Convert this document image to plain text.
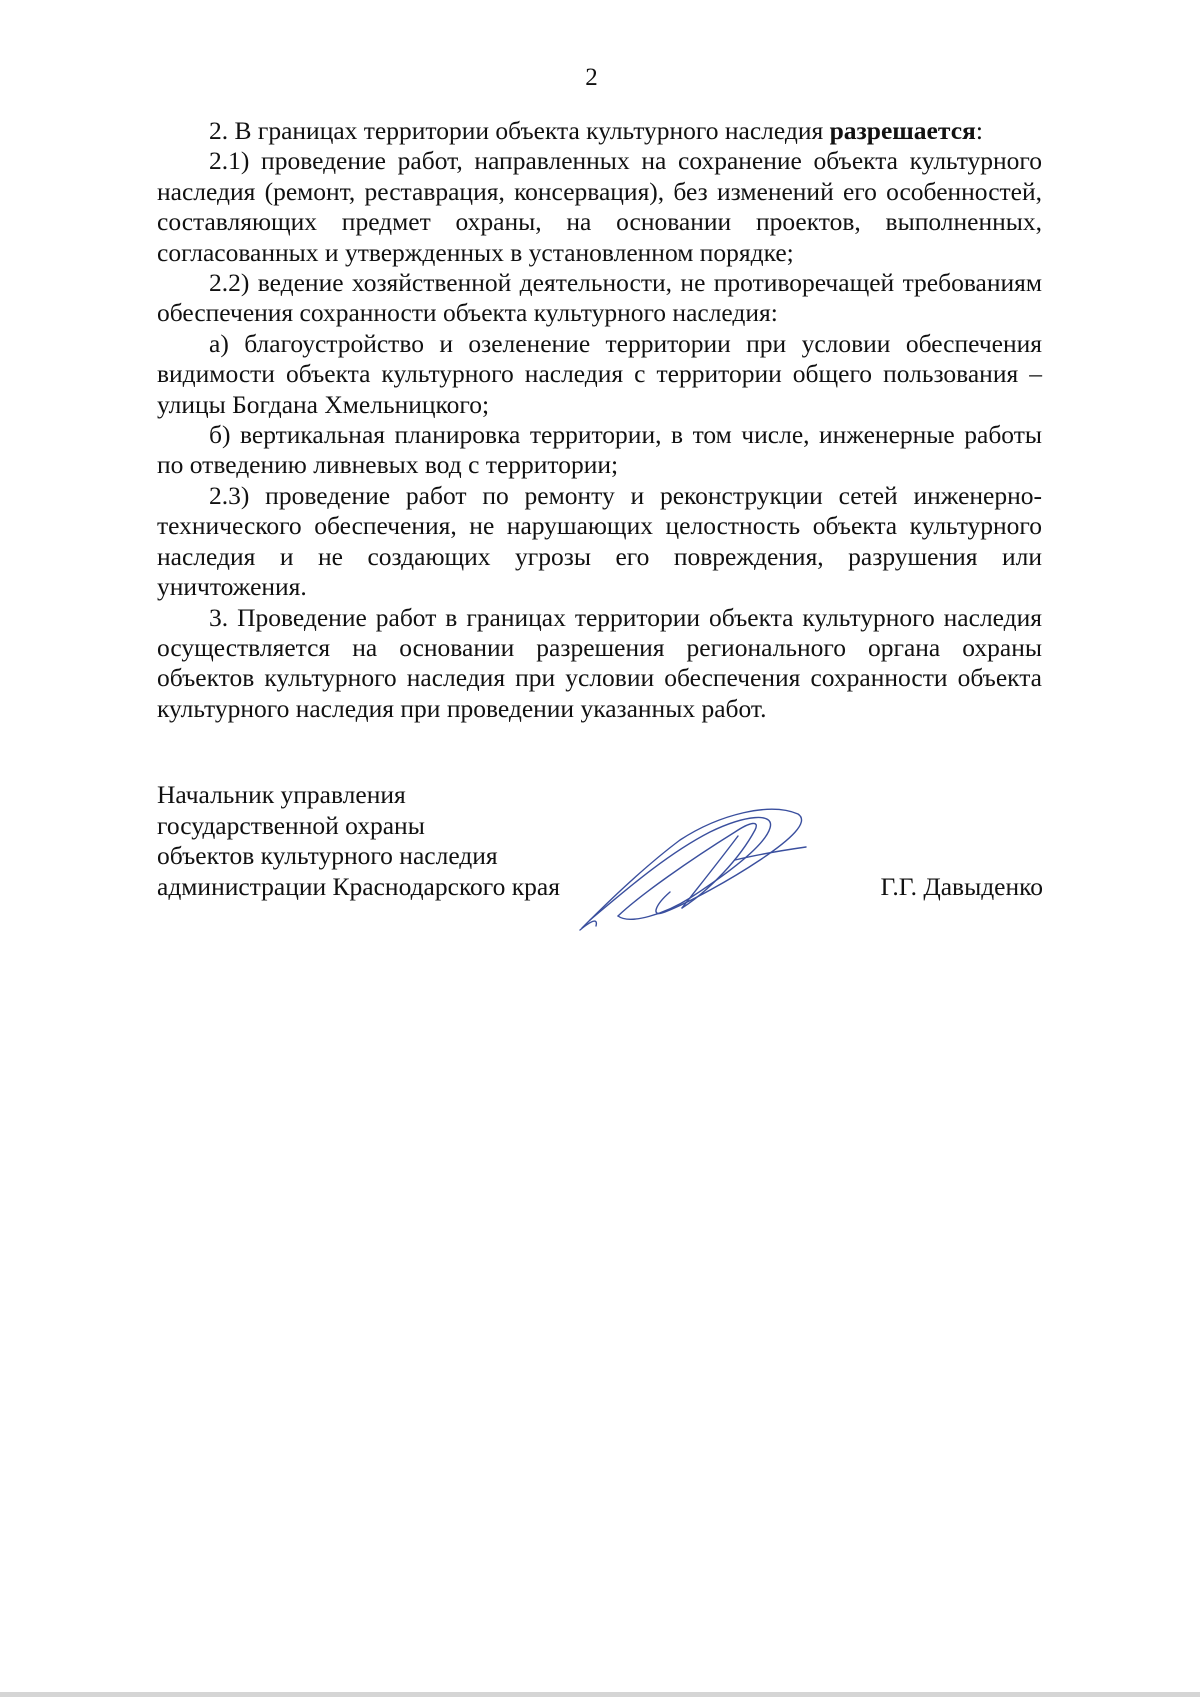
2

2. В границах территории объекта культурного наследия разрешается:

2.1) проведение работ, направленных на сохранение объекта культурного наследия (ремонт, реставрация, консервация), без изменений его особенностей, составляющих предмет охраны, на основании проектов, выполненных, согласованных и утвержденных в установленном порядке;

2.2) ведение хозяйственной деятельности, не противоречащей требованиям обеспечения сохранности объекта культурного наследия:

а) благоустройство и озеленение территории при условии обеспечения видимости объекта культурного наследия с территории общего пользования – улицы Богдана Хмельницкого;

б) вертикальная планировка территории, в том числе, инженерные работы по отведению ливневых вод с территории;

2.3) проведение работ по ремонту и реконструкции сетей инженерно-технического обеспечения, не нарушающих целостность объекта культурного наследия и не создающих угрозы его повреждения, разрушения или уничтожения.

3. Проведение работ в границах территории объекта культурного наследия осуществляется на основании разрешения регионального органа охраны объектов культурного наследия при условии обеспечения сохранности объекта культурного наследия при проведении указанных работ.

Начальник управления
государственной охраны
объектов культурного наследия
администрации Краснодарского края	Г.Г. Давыденко
